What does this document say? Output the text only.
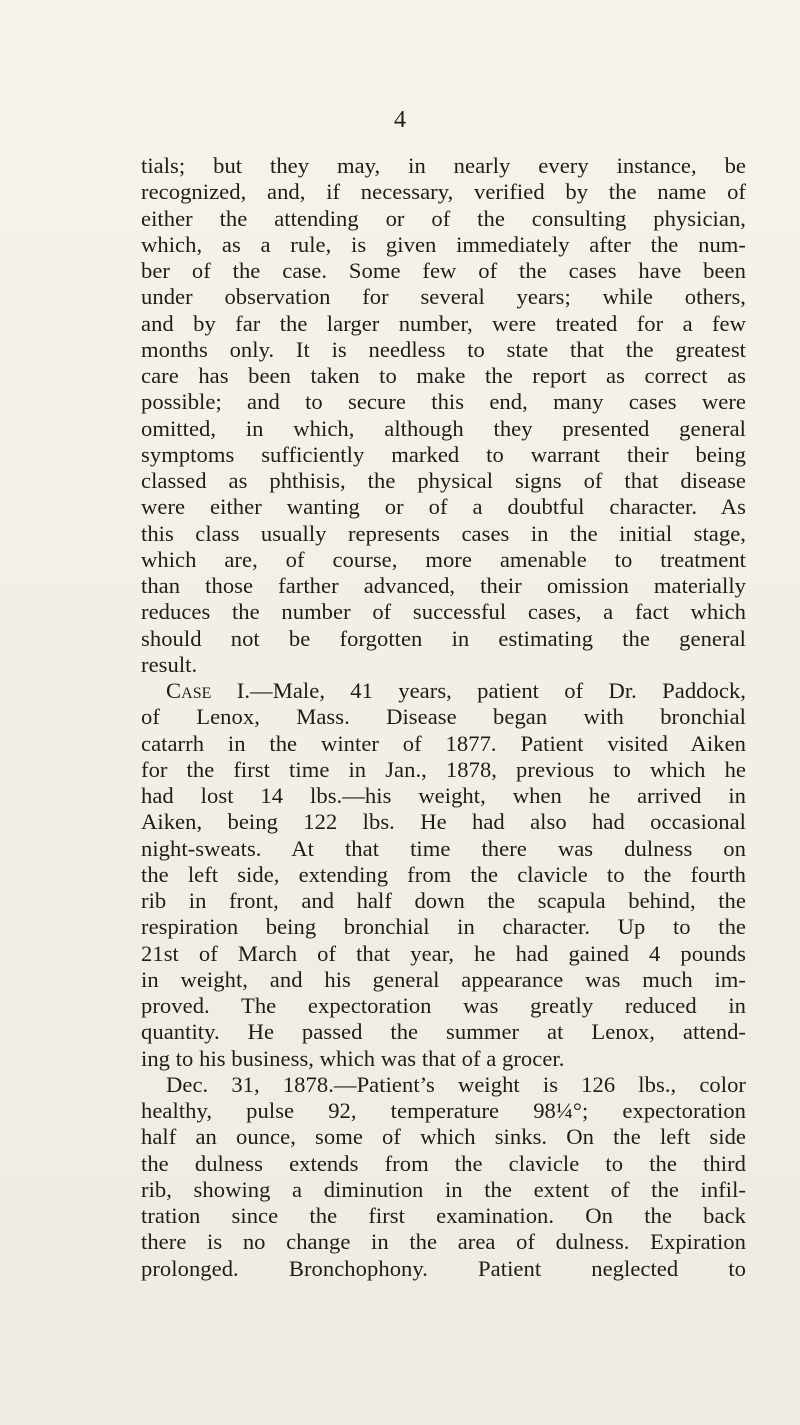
4
tials; but they may, in nearly every instance, be
recognized, and, if necessary, verified by the name of
either the attending or of the consulting physician,
which, as a rule, is given immediately after the num-
ber of the case. Some few of the cases have been
under observation for several years; while others,
and by far the larger number, were treated for a few
months only. It is needless to state that the greatest
care has been taken to make the report as correct as
possible; and to secure this end, many cases were
omitted, in which, although they presented general
symptoms sufficiently marked to warrant their being
classed as phthisis, the physical signs of that disease
were either wanting or of a doubtful character. As
this class usually represents cases in the initial stage,
which are, of course, more amenable to treatment
than those farther advanced, their omission materially
reduces the number of successful cases, a fact which
should not be forgotten in estimating the general
result.
Case I.—Male, 41 years, patient of Dr. Paddock,
of Lenox, Mass. Disease began with bronchial
catarrh in the winter of 1877. Patient visited Aiken
for the first time in Jan., 1878, previous to which he
had lost 14 lbs.—his weight, when he arrived in
Aiken, being 122 lbs. He had also had occasional
night-sweats. At that time there was dulness on
the left side, extending from the clavicle to the fourth
rib in front, and half down the scapula behind, the
respiration being bronchial in character. Up to the
21st of March of that year, he had gained 4 pounds
in weight, and his general appearance was much im-
proved. The expectoration was greatly reduced in
quantity. He passed the summer at Lenox, attend-
ing to his business, which was that of a grocer.
Dec. 31, 1878.—Patient’s weight is 126 lbs., color
healthy, pulse 92, temperature 98¼°; expectoration
half an ounce, some of which sinks. On the left side
the dulness extends from the clavicle to the third
rib, showing a diminution in the extent of the infil-
tration since the first examination. On the back
there is no change in the area of dulness. Expiration
prolonged. Bronchophony. Patient neglected to
